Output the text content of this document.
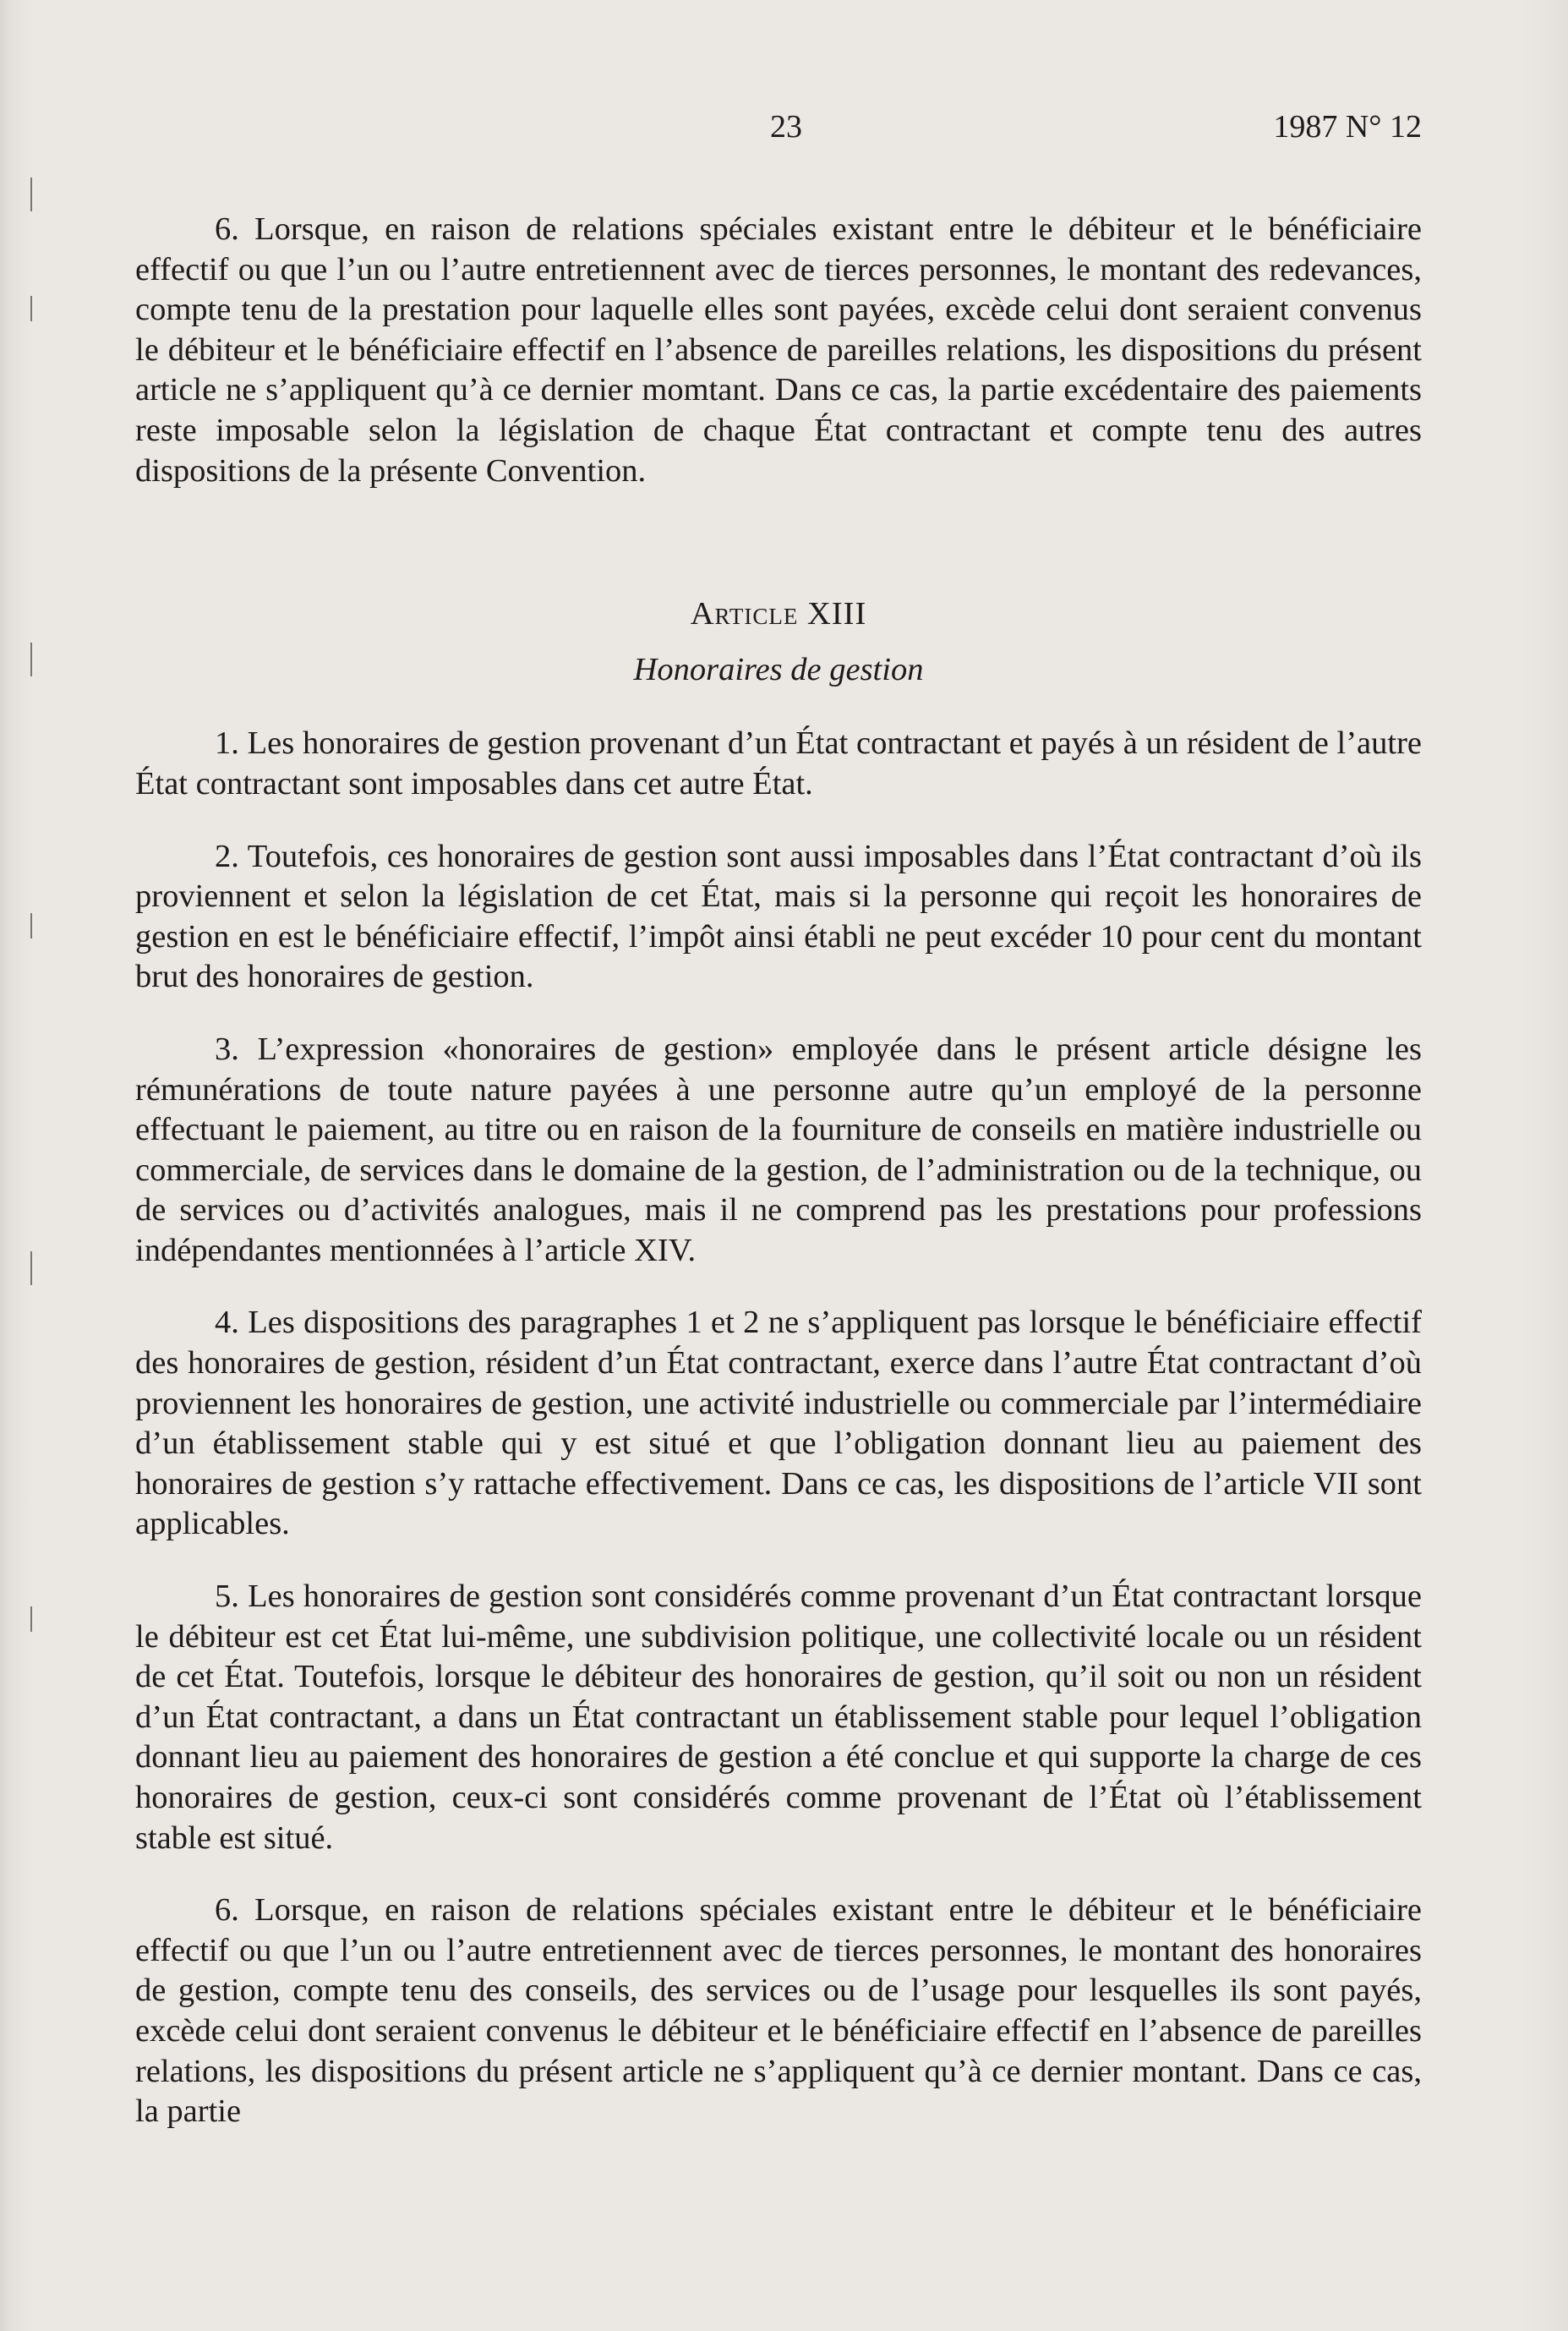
23	1987 N° 12

6. Lorsque, en raison de relations spéciales existant entre le débiteur et le bénéficiaire effectif ou que l’un ou l’autre entretiennent avec de tierces personnes, le montant des redevances, compte tenu de la prestation pour laquelle elles sont payées, excède celui dont seraient convenus le débiteur et le bénéficiaire effectif en l’absence de pareilles relations, les dispositions du présent article ne s’appliquent qu’à ce dernier momtant. Dans ce cas, la partie excédentaire des paiements reste imposable selon la législation de chaque État contractant et compte tenu des autres dispositions de la présente Convention.

Article XIII
Honoraires de gestion

1. Les honoraires de gestion provenant d’un État contractant et payés à un résident de l’autre État contractant sont imposables dans cet autre État.

2. Toutefois, ces honoraires de gestion sont aussi imposables dans l’État contractant d’où ils proviennent et selon la législation de cet État, mais si la personne qui reçoit les honoraires de gestion en est le bénéficiaire effectif, l’impôt ainsi établi ne peut excéder 10 pour cent du montant brut des honoraires de gestion.

3. L’expression «honoraires de gestion» employée dans le présent article désigne les rémunérations de toute nature payées à une personne autre qu’un employé de la personne effectuant le paiement, au titre ou en raison de la fourniture de conseils en matière industrielle ou commerciale, de services dans le domaine de la gestion, de l’administration ou de la technique, ou de services ou d’activités analogues, mais il ne comprend pas les prestations pour professions indépendantes mentionnées à l’article XIV.

4. Les dispositions des paragraphes 1 et 2 ne s’appliquent pas lorsque le bénéficiaire effectif des honoraires de gestion, résident d’un État contractant, exerce dans l’autre État contractant d’où proviennent les honoraires de gestion, une activité industrielle ou commerciale par l’intermédiaire d’un établissement stable qui y est situé et que l’obligation donnant lieu au paiement des honoraires de gestion s’y rattache effectivement. Dans ce cas, les dispositions de l’article VII sont applicables.

5. Les honoraires de gestion sont considérés comme provenant d’un État contractant lorsque le débiteur est cet État lui-même, une subdivision politique, une collectivité locale ou un résident de cet État. Toutefois, lorsque le débiteur des honoraires de gestion, qu’il soit ou non un résident d’un État contractant, a dans un État contractant un établissement stable pour lequel l’obligation donnant lieu au paiement des honoraires de gestion a été conclue et qui supporte la charge de ces honoraires de gestion, ceux-ci sont considérés comme provenant de l’État où l’établissement stable est situé.

6. Lorsque, en raison de relations spéciales existant entre le débiteur et le bénéficiaire effectif ou que l’un ou l’autre entretiennent avec de tierces personnes, le montant des honoraires de gestion, compte tenu des conseils, des services ou de l’usage pour lesquelles ils sont payés, excède celui dont seraient convenus le débiteur et le bénéficiaire effectif en l’absence de pareilles relations, les dispositions du présent article ne s’appliquent qu’à ce dernier montant. Dans ce cas, la partie
